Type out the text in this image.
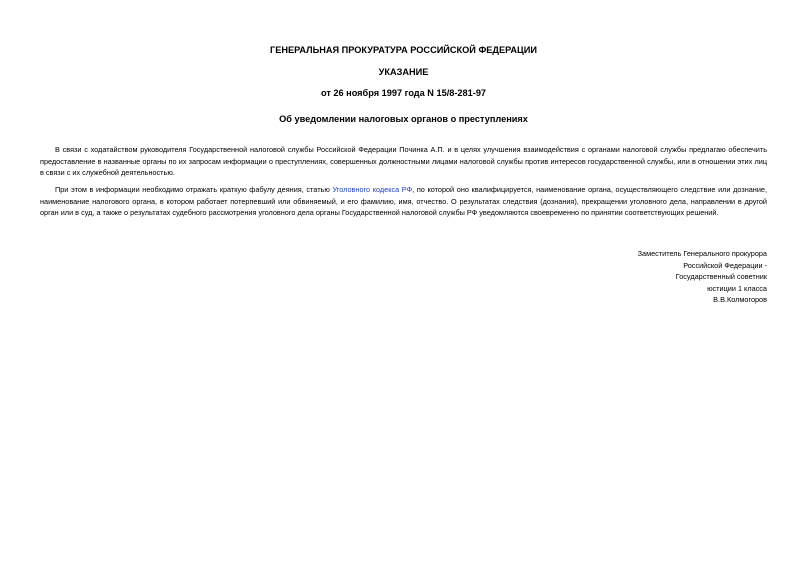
ГЕНЕРАЛЬНАЯ ПРОКУРАТУРА РОССИЙСКОЙ ФЕДЕРАЦИИ
УКАЗАНИЕ
от 26 ноября 1997 года N 15/8-281-97
Об уведомлении налоговых органов о преступлениях

В связи с ходатайством руководителя Государственной налоговой службы Российской Федерации Починка А.П. и в целях улучшения взаимодействия с органами налоговой службы предлагаю обеспечить предоставление в названные органы по их запросам информации о преступлениях, совершенных должностными лицами налоговой службы против интересов государственной службы, или в отношении этих лиц в связи с их служебной деятельностью.

При этом в информации необходимо отражать краткую фабулу деяния, статью Уголовного кодекса РФ, по которой оно квалифицируется, наименование органа, осуществляющего следствие или дознание, наименование налогового органа, в котором работает потерпевший или обвиняемый, и его фамилию, имя, отчество. О результатах следствия (дознания), прекращении уголовного дела, направлении в другой орган или в суд, а также о результатах судебного рассмотрения уголовного дела органы Государственной налоговой службы РФ уведомляются своевременно по принятии соответствующих решений.

Заместитель Генерального прокурора
Российской Федерации -
Государственный советник
юстиции 1 класса
В.В.Колмогоров
